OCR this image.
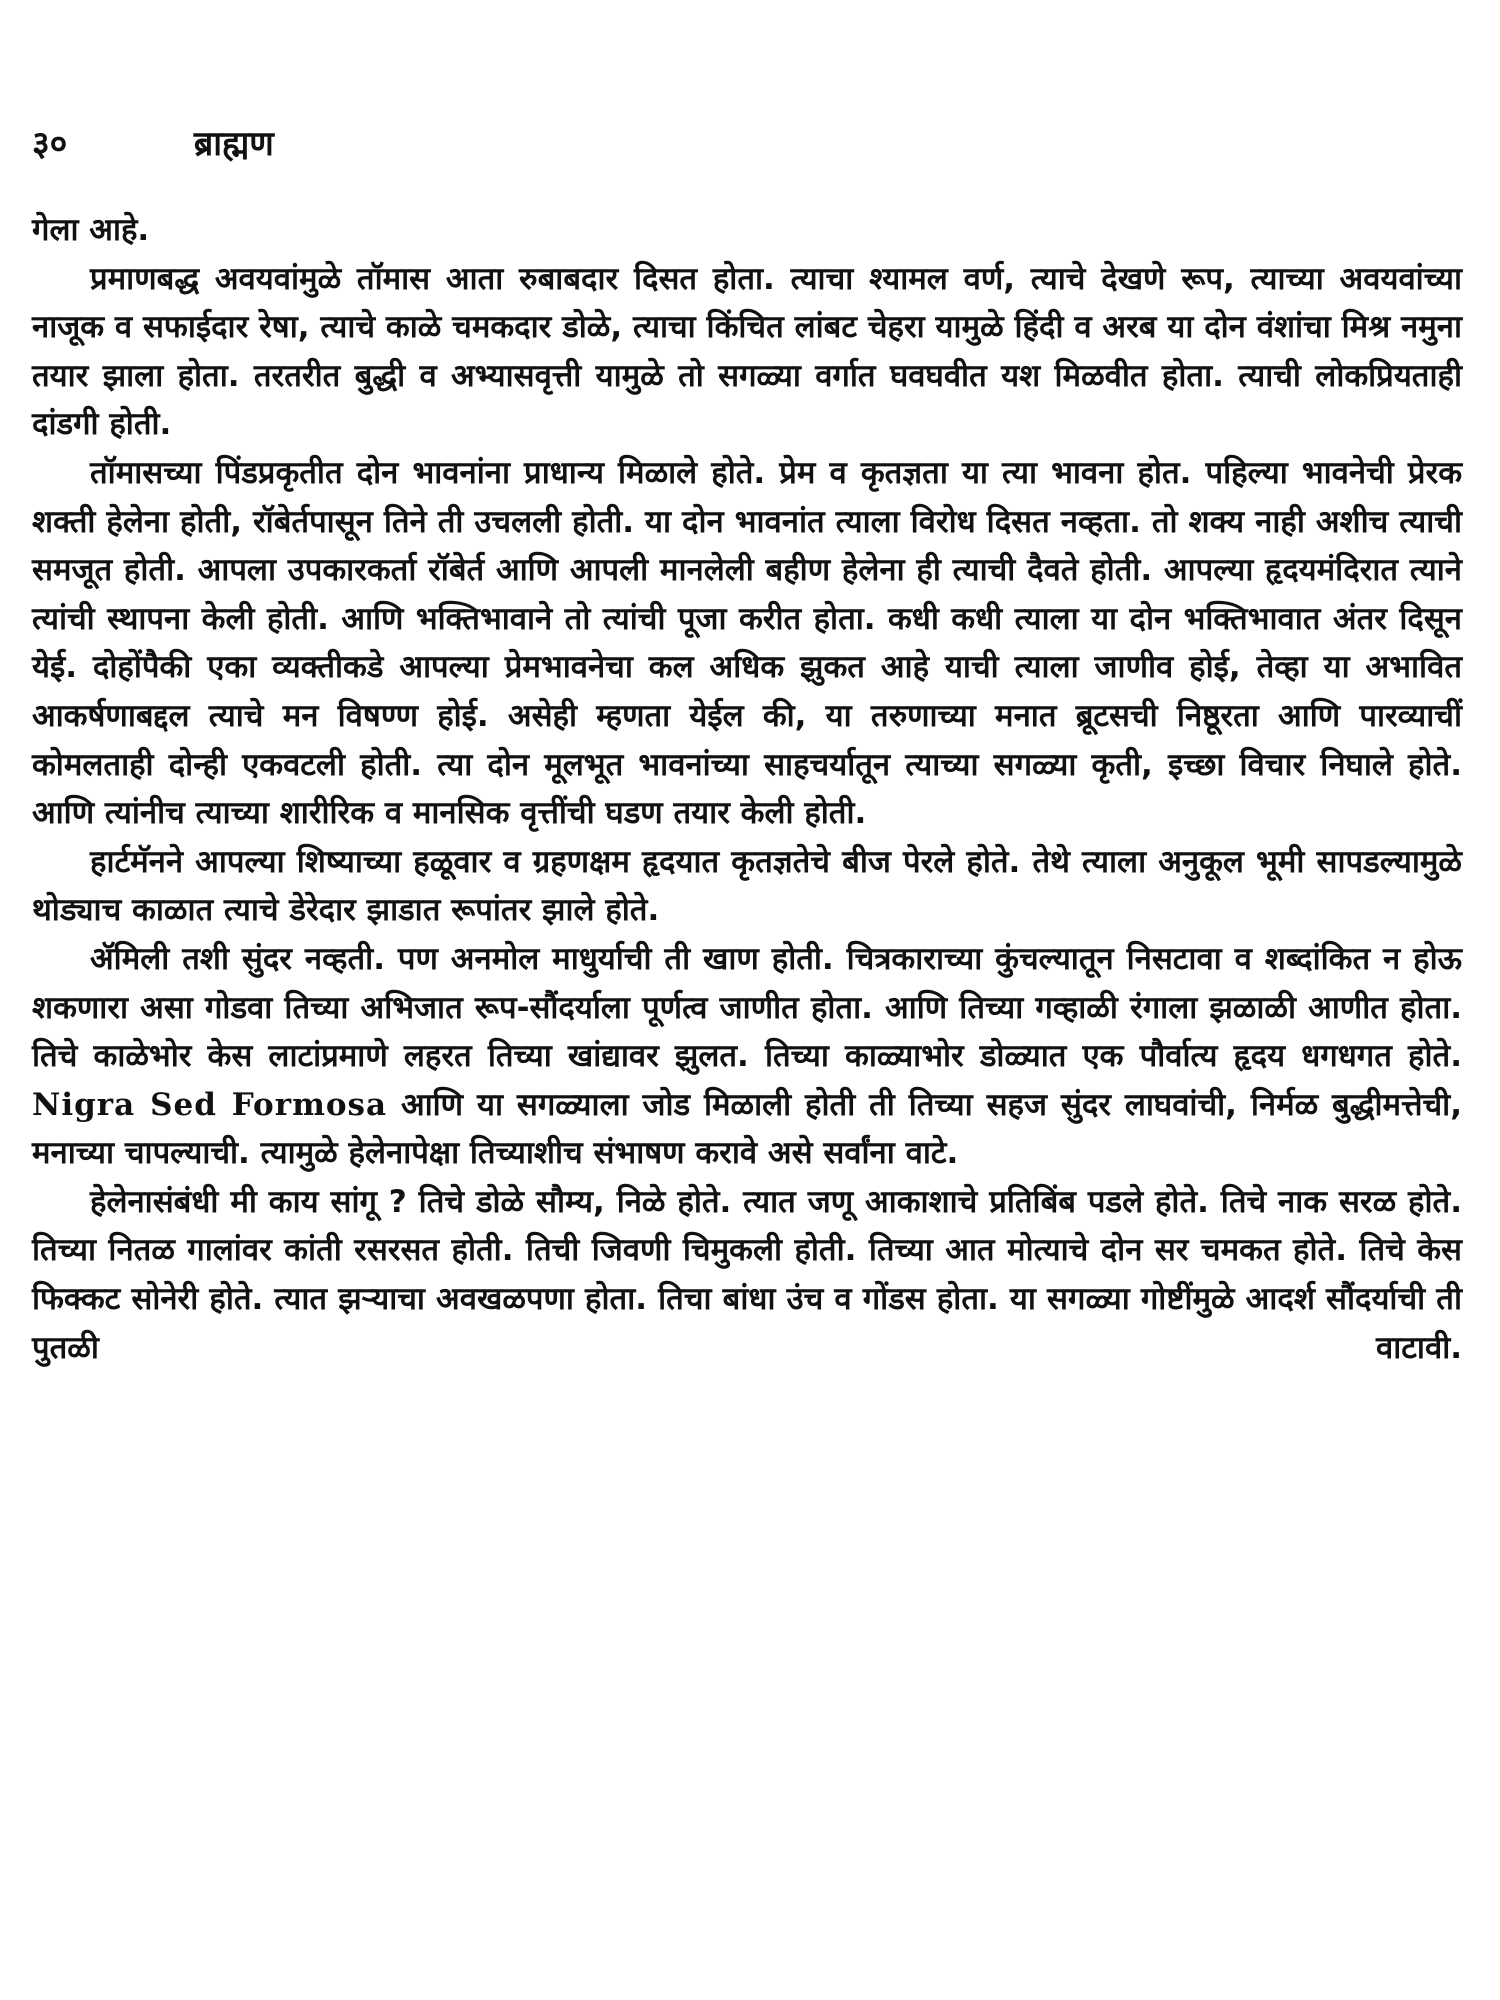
३०	ब्राह्मण

गेला आहे.

प्रमाणबद्ध अवयवांमुळे तॉमास आता रुबाबदार दिसत होता. त्याचा श्यामल वर्ण, त्याचे देखणे रूप, त्याच्या अवयवांच्या नाजूक व सफाईदार रेषा, त्याचे काळे चमकदार डोळे, त्याचा किंचित लांबट चेहरा यामुळे हिंदी व अरब या दोन वंशांचा मिश्र नमुना तयार झाला होता. तरतरीत बुद्धी व अभ्यासवृत्ती यामुळे तो सगळ्या वर्गात घवघवीत यश मिळवीत होता. त्याची लोकप्रियताही दांडगी होती.

तॉमासच्या पिंडप्रकृतीत दोन भावनांना प्राधान्य मिळाले होते. प्रेम व कृतज्ञता या त्या भावना होत. पहिल्या भावनेची प्रेरक शक्ती हेलेना होती, रॉबेर्तपासून तिने ती उचलली होती. या दोन भावनांत त्याला विरोध दिसत नव्हता. तो शक्य नाही अशीच त्याची समजूत होती. आपला उपकारकर्ता रॉबेर्त आणि आपली मानलेली बहीण हेलेना ही त्याची दैवते होती. आपल्या हृदयमंदिरात त्याने त्यांची स्थापना केली होती. आणि भक्तिभावाने तो त्यांची पूजा करीत होता. कधी कधी त्याला या दोन भक्तिभावात अंतर दिसून येई. दोहोंपैकी एका व्यक्तीकडे आपल्या प्रेमभावनेचा कल अधिक झुकत आहे याची त्याला जाणीव होई, तेव्हा या अभावित आकर्षणाबद्दल त्याचे मन विषण्ण होई. असेही म्हणता येईल की, या तरुणाच्या मनात ब्रूटसची निष्ठूरता आणि पारव्याचीं कोमलताही दोन्ही एकवटली होती. त्या दोन मूलभूत भावनांच्या साहचर्यातून त्याच्या सगळ्या कृती, इच्छा विचार निघाले होते. आणि त्यांनीच त्याच्या शारीरिक व मानसिक वृत्तींची घडण तयार केली होती.

हार्टमॅनने आपल्या शिष्याच्या हळूवार व ग्रहणक्षम हृदयात कृतज्ञतेचे बीज पेरले होते. तेथे त्याला अनुकूल भूमी सापडल्यामुळे थोड्याच काळात त्याचे डेरेदार झाडात रूपांतर झाले होते.

ॲमिली तशी सुंदर नव्हती. पण अनमोल माधुर्याची ती खाण होती. चित्रकाराच्या कुंचल्यातून निसटावा व शब्दांकित न होऊ शकणारा असा गोडवा तिच्या अभिजात रूप-सौंदर्याला पूर्णत्व जाणीत होता. आणि तिच्या गव्हाळी रंगाला झळाळी आणीत होता. तिचे काळेभोर केस लाटांप्रमाणे लहरत तिच्या खांद्यावर झुलत. तिच्या काळ्याभोर डोळ्यात एक पौर्वात्य हृदय धगधगत होते. Nigra Sed Formosa आणि या सगळ्याला जोड मिळाली होती ती तिच्या सहज सुंदर लाघवांची, निर्मळ बुद्धीमत्तेची, मनाच्या चापल्याची. त्यामुळे हेलेनापेक्षा तिच्याशीच संभाषण करावे असे सर्वांना वाटे.

हेलेनासंबंधी मी काय सांगू ? तिचे डोळे सौम्य, निळे होते. त्यात जणू आकाशाचे प्रतिबिंब पडले होते. तिचे नाक सरळ होते. तिच्या नितळ गालांवर कांती रसरसत होती. तिची जिवणी चिमुकली होती. तिच्या आत मोत्याचे दोन सर चमकत होते. तिचे केस फिक्कट सोनेरी होते. त्यात झऱ्याचा अवखळपणा होता. तिचा बांधा उंच व गोंडस होता. या सगळ्या गोष्टींमुळे आदर्श सौंदर्याची ती पुतळी वाटावी.
